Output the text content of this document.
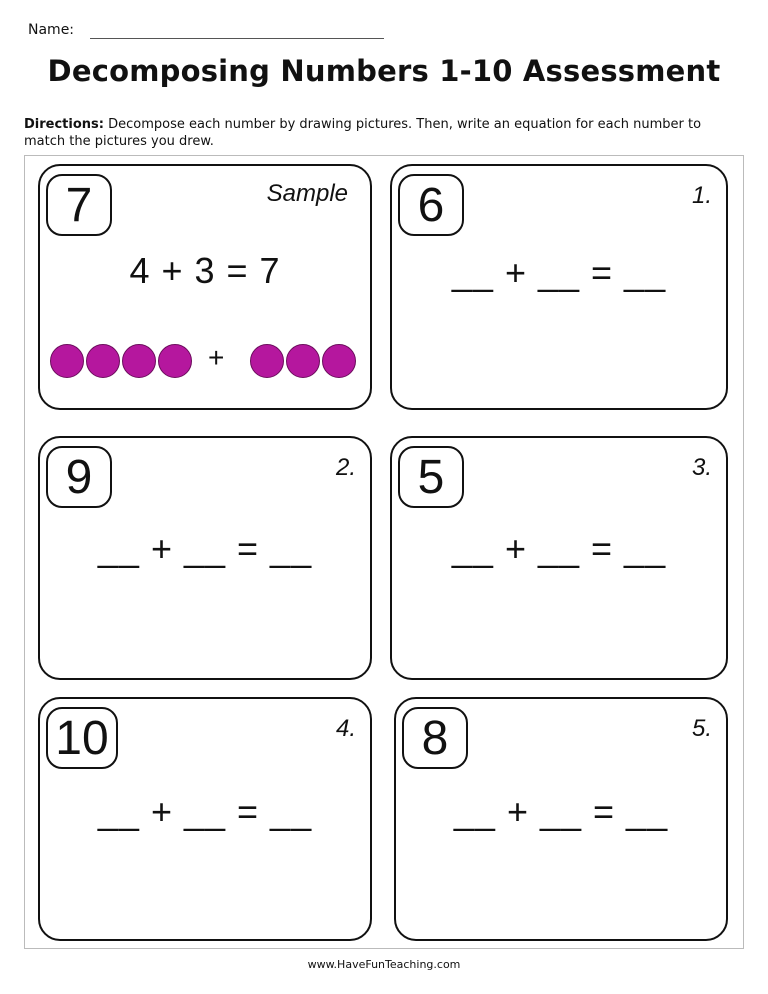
Name:
Decomposing Numbers 1-10 Assessment
Directions: Decompose each number by drawing pictures. Then, write an equation for each number to match the pictures you drew.
7	Sample
4 + 3 = 7
+
6	1.
__ + __ = __
9	2.
__ + __ = __
5	3.
__ + __ = __
10	4.
__ + __ = __
8	5.
__ + __ = __
www.HaveFunTeaching.com
